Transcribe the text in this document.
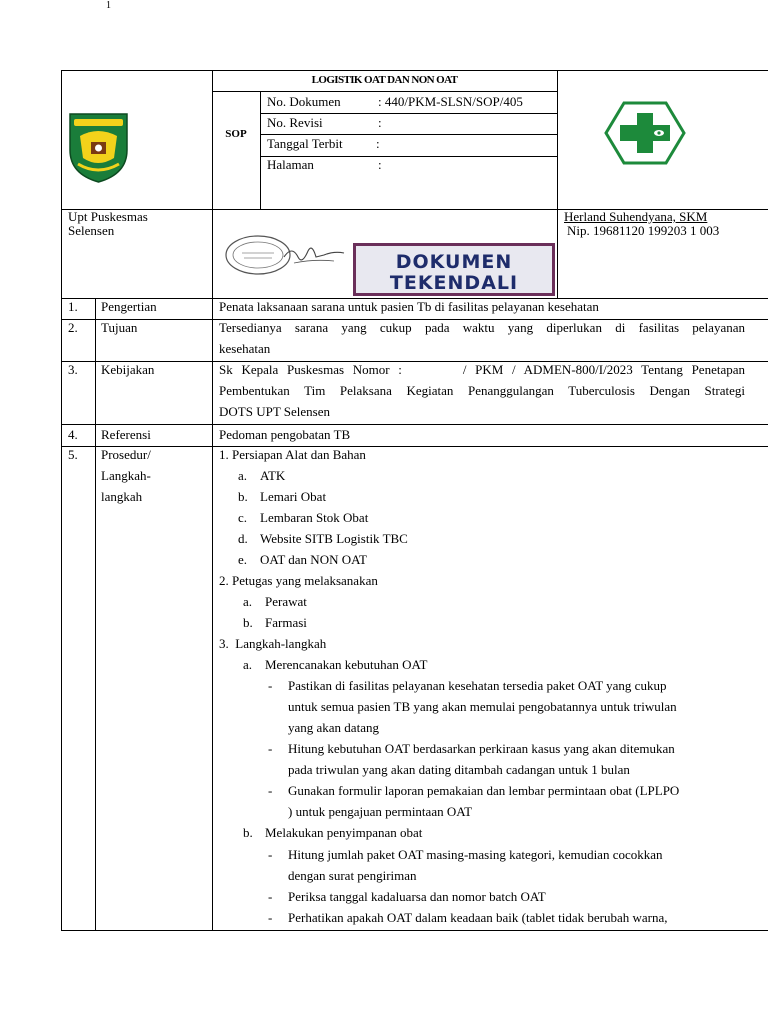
1
LOGISTIK OAT DAN NON OAT
SOP
No. Dokumen	: 440/PKM-SLSN/SOP/405
No. Revisi	:
Tanggal Terbit	:
Halaman	:
Upt Puskesmas
Selensen
DOKUMEN
TEKENDALI
Herland Suhendyana, SKM
Nip. 19681120 199203 1 003
1. Pengertian	Penata laksanaan sarana untuk pasien Tb di fasilitas pelayanan kesehatan
2. Tujuan	Tersedianya sarana yang cukup pada waktu yang diperlukan di fasilitas pelayanan
kesehatan
3. Kebijakan	Sk Kepala Puskesmas Nomor :       / PKM / ADMEN-800/I/2023 Tentang Penetapan
Pembentukan Tim Pelaksana Kegiatan Penanggulangan Tuberculosis Dengan Strategi
DOTS UPT Selensen
4. Referensi	Pedoman pengobatan TB
5. Prosedur/
Langkah-
langkah
1. Persiapan Alat dan Bahan
a. ATK
b. Lemari Obat
c. Lembaran Stok Obat
d. Website SITB Logistik TBC
e. OAT dan NON OAT
2. Petugas yang melaksanakan
a. Perawat
b. Farmasi
3.  Langkah-langkah
a. Merencanakan kebutuhan OAT
- Pastikan di fasilitas pelayanan kesehatan tersedia paket OAT yang cukup
untuk semua pasien TB yang akan memulai pengobatannya untuk triwulan
yang akan datang
- Hitung kebutuhan OAT berdasarkan perkiraan kasus yang akan ditemukan
pada triwulan yang akan dating ditambah cadangan untuk 1 bulan
- Gunakan formulir laporan pemakaian dan lembar permintaan obat (LPLPO
) untuk pengajuan permintaan OAT
b. Melakukan penyimpanan obat
- Hitung jumlah paket OAT masing-masing kategori, kemudian cocokkan
dengan surat pengiriman
- Periksa tanggal kadaluarsa dan nomor batch OAT
- Perhatikan apakah OAT dalam keadaan baik (tablet tidak berubah warna,
